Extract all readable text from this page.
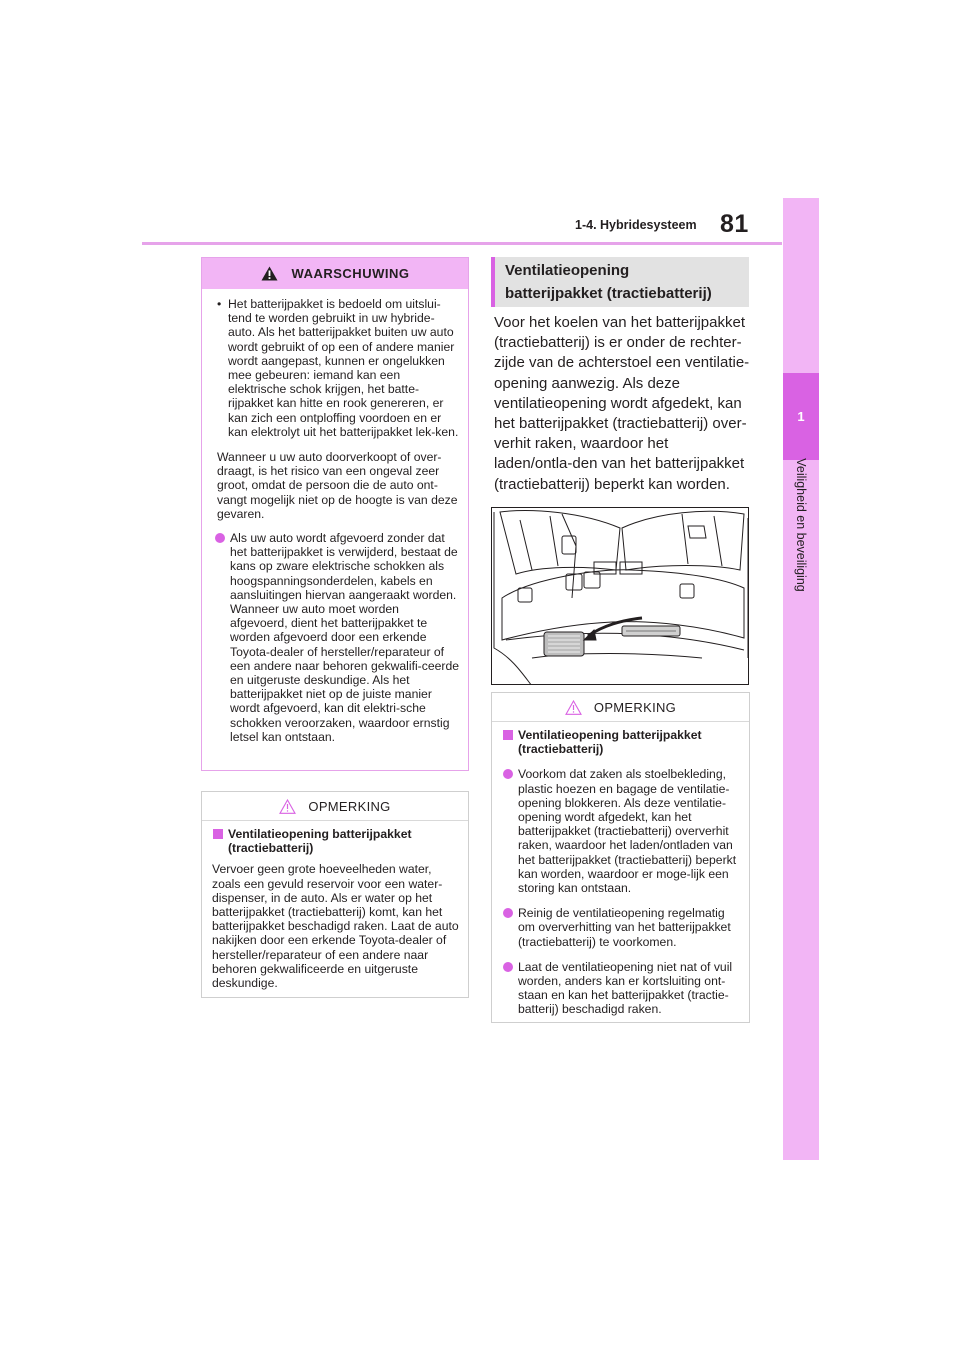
1-4. Hybridesysteem 81
1
Veiligheid en beveiliging
WAARSCHUWING
• Het batterijpakket is bedoeld om uitslui-tend te worden gebruikt in uw hybride-auto. Als het batterijpakket buiten uw auto wordt gebruikt of op een of andere manier wordt aangepast, kunnen er ongelukken mee gebeuren: iemand kan een elektrische schok krijgen, het batte-rijpakket kan hitte en rook genereren, er kan zich een ontploffing voordoen en er kan elektrolyt uit het batterijpakket lek-ken.
Wanneer u uw auto doorverkoopt of over-draagt, is het risico van een ongeval zeer groot, omdat de persoon die de auto ont-vangt mogelijk niet op de hoogte is van deze gevaren.
Als uw auto wordt afgevoerd zonder dat het batterijpakket is verwijderd, bestaat de kans op zware elektrische schokken als hoogspanningsonderdelen, kabels en aansluitingen hiervan aangeraakt worden. Wanneer uw auto moet worden afgevoerd, dient het batterijpakket te worden afgevoerd door een erkende Toyota-dealer of hersteller/reparateur of een andere naar behoren gekwalifi-ceerde en uitgeruste deskundige. Als het batterijpakket niet op de juiste manier wordt afgevoerd, kan dit elektri-sche schokken veroorzaken, waardoor ernstig letsel kan ontstaan.
OPMERKING
Ventilatieopening batterijpakket (tractiebatterij)
Vervoer geen grote hoeveelheden water, zoals een gevuld reservoir voor een water-dispenser, in de auto. Als er water op het batterijpakket (tractiebatterij) komt, kan het batterijpakket beschadigd raken. Laat de auto nakijken door een erkende Toyota-dealer of hersteller/reparateur of een andere naar behoren gekwalificeerde en uitgeruste deskundige.
Ventilatieopening
batterijpakket (tractiebatterij)
Voor het koelen van het batterijpakket (tractiebatterij) is er onder de rechter-zijde van de achterstoel een ventilatie-opening aanwezig. Als deze ventilatieopening wordt afgedekt, kan het batterijpakket (tractiebatterij) over-verhit raken, waardoor het laden/ontla-den van het batterijpakket (tractiebatterij) beperkt kan worden.
OPMERKING
Ventilatieopening batterijpakket (tractiebatterij)
Voorkom dat zaken als stoelbekleding, plastic hoezen en bagage de ventilatie-opening blokkeren. Als deze ventilatie-opening wordt afgedekt, kan het batterijpakket (tractiebatterij) oververhit raken, waardoor het laden/ontladen van het batterijpakket (tractiebatterij) beperkt kan worden, waardoor er moge-lijk een storing kan ontstaan.
Reinig de ventilatieopening regelmatig om oververhitting van het batterijpakket (tractiebatterij) te voorkomen.
Laat de ventilatieopening niet nat of vuil worden, anders kan er kortsluiting ont-staan en kan het batterijpakket (tractie-batterij) beschadigd raken.
